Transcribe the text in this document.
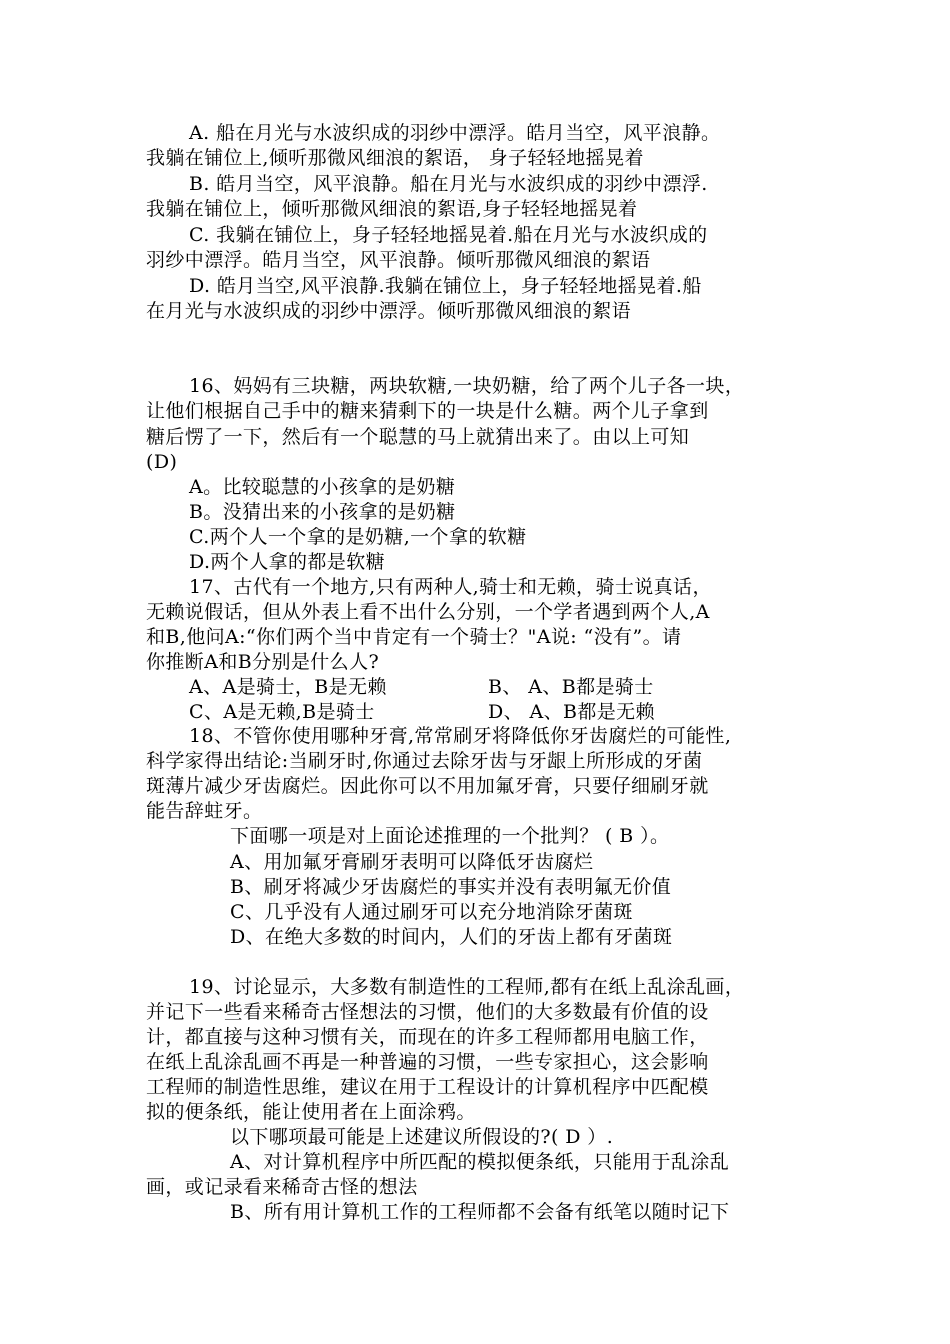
A. 船在月光与水波织成的羽纱中漂浮。皓月当空，风平浪静。
我躺在铺位上,倾听那微风细浪的絮语， 身子轻轻地摇晃着
B. 皓月当空，风平浪静。船在月光与水波织成的羽纱中漂浮.
我躺在铺位上，倾听那微风细浪的絮语,身子轻轻地摇晃着
C. 我躺在铺位上，身子轻轻地摇晃着.船在月光与水波织成的
羽纱中漂浮。皓月当空，风平浪静。倾听那微风细浪的絮语
D. 皓月当空,风平浪静.我躺在铺位上，身子轻轻地摇晃着.船
在月光与水波织成的羽纱中漂浮。倾听那微风细浪的絮语
16、妈妈有三块糖，两块软糖,一块奶糖，给了两个儿子各一块，
让他们根据自己手中的糖来猜剩下的一块是什么糖。两个儿子拿到
糖后愣了一下，然后有一个聪慧的马上就猜出来了。由以上可知
(D)
A。比较聪慧的小孩拿的是奶糖
B。没猜出来的小孩拿的是奶糖
C.两个人一个拿的是奶糖,一个拿的软糖
D.两个人拿的都是软糖
17、古代有一个地方,只有两种人,骑士和无赖，骑士说真话，
无赖说假话，但从外表上看不出什么分别，一个学者遇到两个人,A
和B,他问A:“你们两个当中肯定有一个骑士？"A说: “没有”。请
你推断A和B分别是什么人?
A、A是骑士，B是无赖	B、 A、B都是骑士
C、A是无赖,B是骑士	D、 A、B都是无赖
18、不管你使用哪种牙膏,常常刷牙将降低你牙齿腐烂的可能性,
科学家得出结论:当刷牙时,你通过去除牙齿与牙龈上所形成的牙菌
斑薄片减少牙齿腐烂。因此你可以不用加氟牙膏，只要仔细刷牙就
能告辞蛀牙。
下面哪一项是对上面论述推理的一个批判？ ( B ）。
A、用加氟牙膏刷牙表明可以降低牙齿腐烂
B、刷牙将减少牙齿腐烂的事实并没有表明氟无价值
C、几乎没有人通过刷牙可以充分地消除牙菌斑
D、在绝大多数的时间内，人们的牙齿上都有牙菌斑
19、讨论显示，大多数有制造性的工程师,都有在纸上乱涂乱画，
并记下一些看来稀奇古怪想法的习惯，他们的大多数最有价值的设
计，都直接与这种习惯有关，而现在的许多工程师都用电脑工作，
在纸上乱涂乱画不再是一种普遍的习惯，一些专家担心，这会影响
工程师的制造性思维，建议在用于工程设计的计算机程序中匹配模
拟的便条纸，能让使用者在上面涂鸦。
以下哪项最可能是上述建议所假设的?( D ）.
A、对计算机程序中所匹配的模拟便条纸，只能用于乱涂乱
画，或记录看来稀奇古怪的想法
B、所有用计算机工作的工程师都不会备有纸笔以随时记下
